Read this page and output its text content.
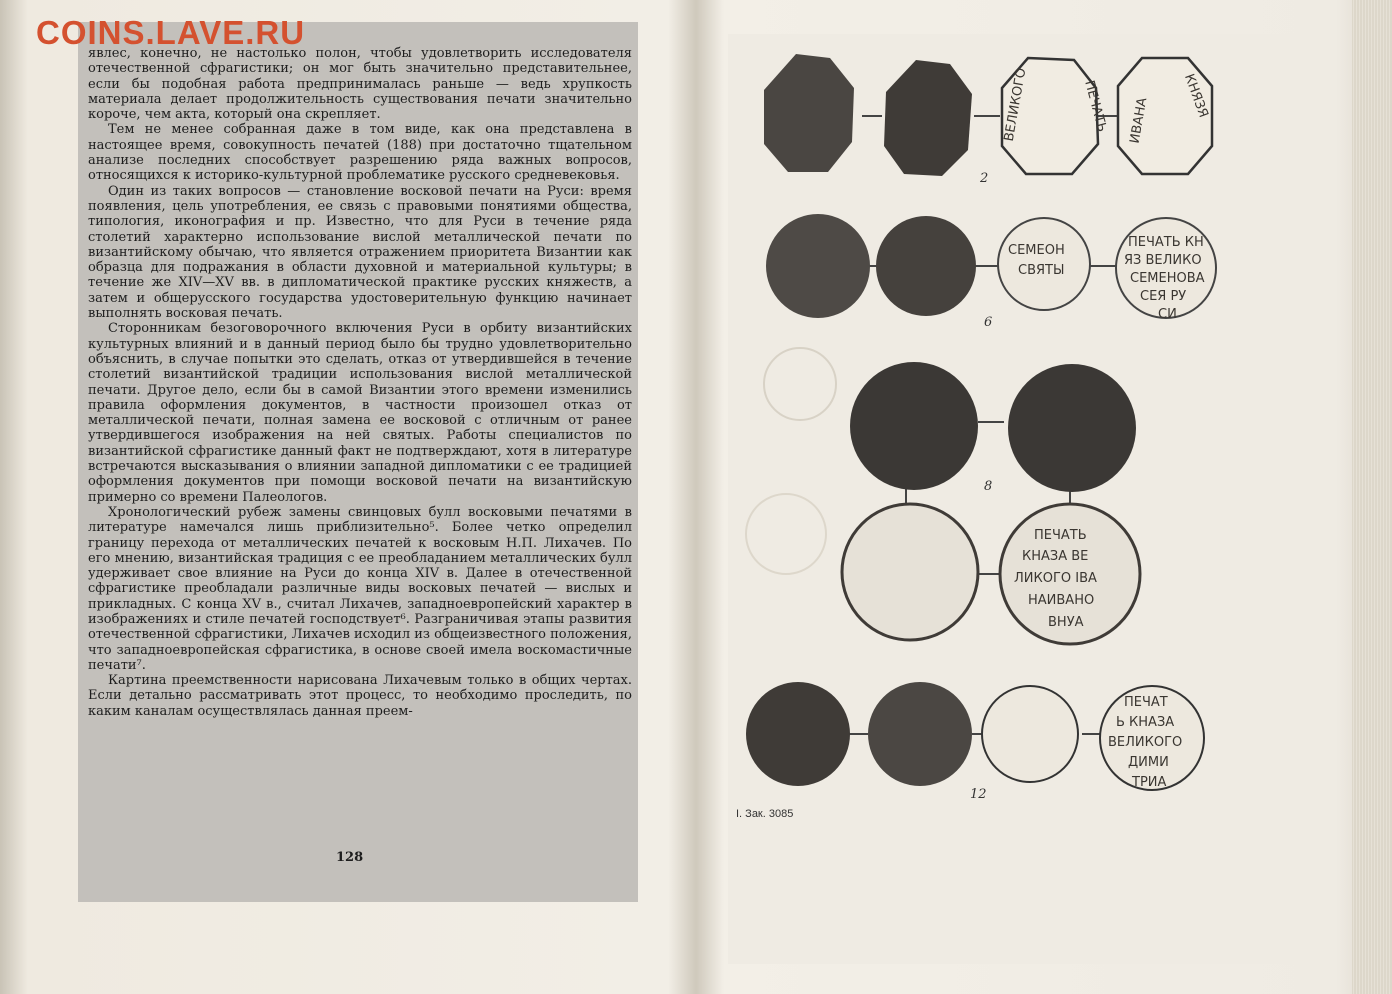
COINS.LAVE.RU

явлес, конечно, не настолько полон, чтобы удовлетворить исследователя отечественной сфрагистики; он мог быть значительно представительнее, если бы подобная работа предпринималась раньше — ведь хрупкость материала делает продолжительность существования печати значительно короче, чем акта, который она скрепляет.

Тем не менее собранная даже в том виде, как она представлена в настоящее время, совокупность печатей (188) при достаточно тщательном анализе последних способствует разрешению ряда важных вопросов, относящихся к историко-культурной проблематике русского средневековья.

Один из таких вопросов — становление восковой печати на Руси: время появления, цель употребления, ее связь с правовыми понятиями общества, типология, иконография и пр. Известно, что для Руси в течение ряда столетий характерно использование вислой металлической печати по византийскому обычаю, что является отражением приоритета Византии как образца для подражания в области духовной и материальной культуры; в течение же XIV—XV вв. в дипломатической практике русских княжеств, а затем и общерусского государства удостоверительную функцию начинает выполнять восковая печать.

Сторонникам безоговорочного включения Руси в орбиту византийских культурных влияний и в данный период было бы трудно удовлетворительно объяснить, в случае попытки это сделать, отказ от утвердившейся в течение столетий византийской традиции использования вислой металлической печати. Другое дело, если бы в самой Византии этого времени изменились правила оформления документов, в частности произошел отказ от металлической печати, полная замена ее восковой с отличным от ранее утвердившегося изображения на ней святых. Работы специалистов по византийской сфрагистике данный факт не подтверждают, хотя в литературе встречаются высказывания о влиянии западной дипломатики с ее традицией оформления документов при помощи восковой печати на византийскую примерно со времени Палеологов.

Хронологический рубеж замены свинцовых булл восковыми печатями в литературе намечался лишь приблизительно⁵. Более четко определил границу перехода от металлических печатей к восковым Н.П. Лихачев. По его мнению, византийская традиция с ее преобладанием металлических булл удерживает свое влияние на Руси до конца XIV в. Далее в отечественной сфрагистике преобладали различные виды восковых печатей — вислых и прикладных. С конца XV в., считал Лихачев, западноевропейский характер в изображениях и стиле печатей господствует⁶. Разграничивая этапы развития отечественной сфрагистики, Лихачев исходил из общеизвестного положения, что западноевропейская сфрагистика, в основе своей имела воскомастичные печати⁷.

Картина преемственности нарисована Лихачевым только в общих чертах. Если детально рассматривать этот процесс, то необходимо проследить, по каким каналам осуществлялась данная преем-

128
ВЕЛИКОГО	ПЕЧАТЬ	КНЯЗЯ
ИВАНА
2
СЕМЕОН
СВЯТЫ
ПЕЧАТЬ КН
ЯЗ ВЕЛИКО
СЕМЕНОВА
СЕЯ РУ
СИ
6
8
ПЕЧАТЬ
КНАЗА ВЕ
ЛИКОГО ІВА
НАИВАНО
ВНУА
ПЕЧАТ
Ь КНАЗА
ВЕЛИКОГО
ДИМИ
ТРИА
12
I. Зак. 3085
